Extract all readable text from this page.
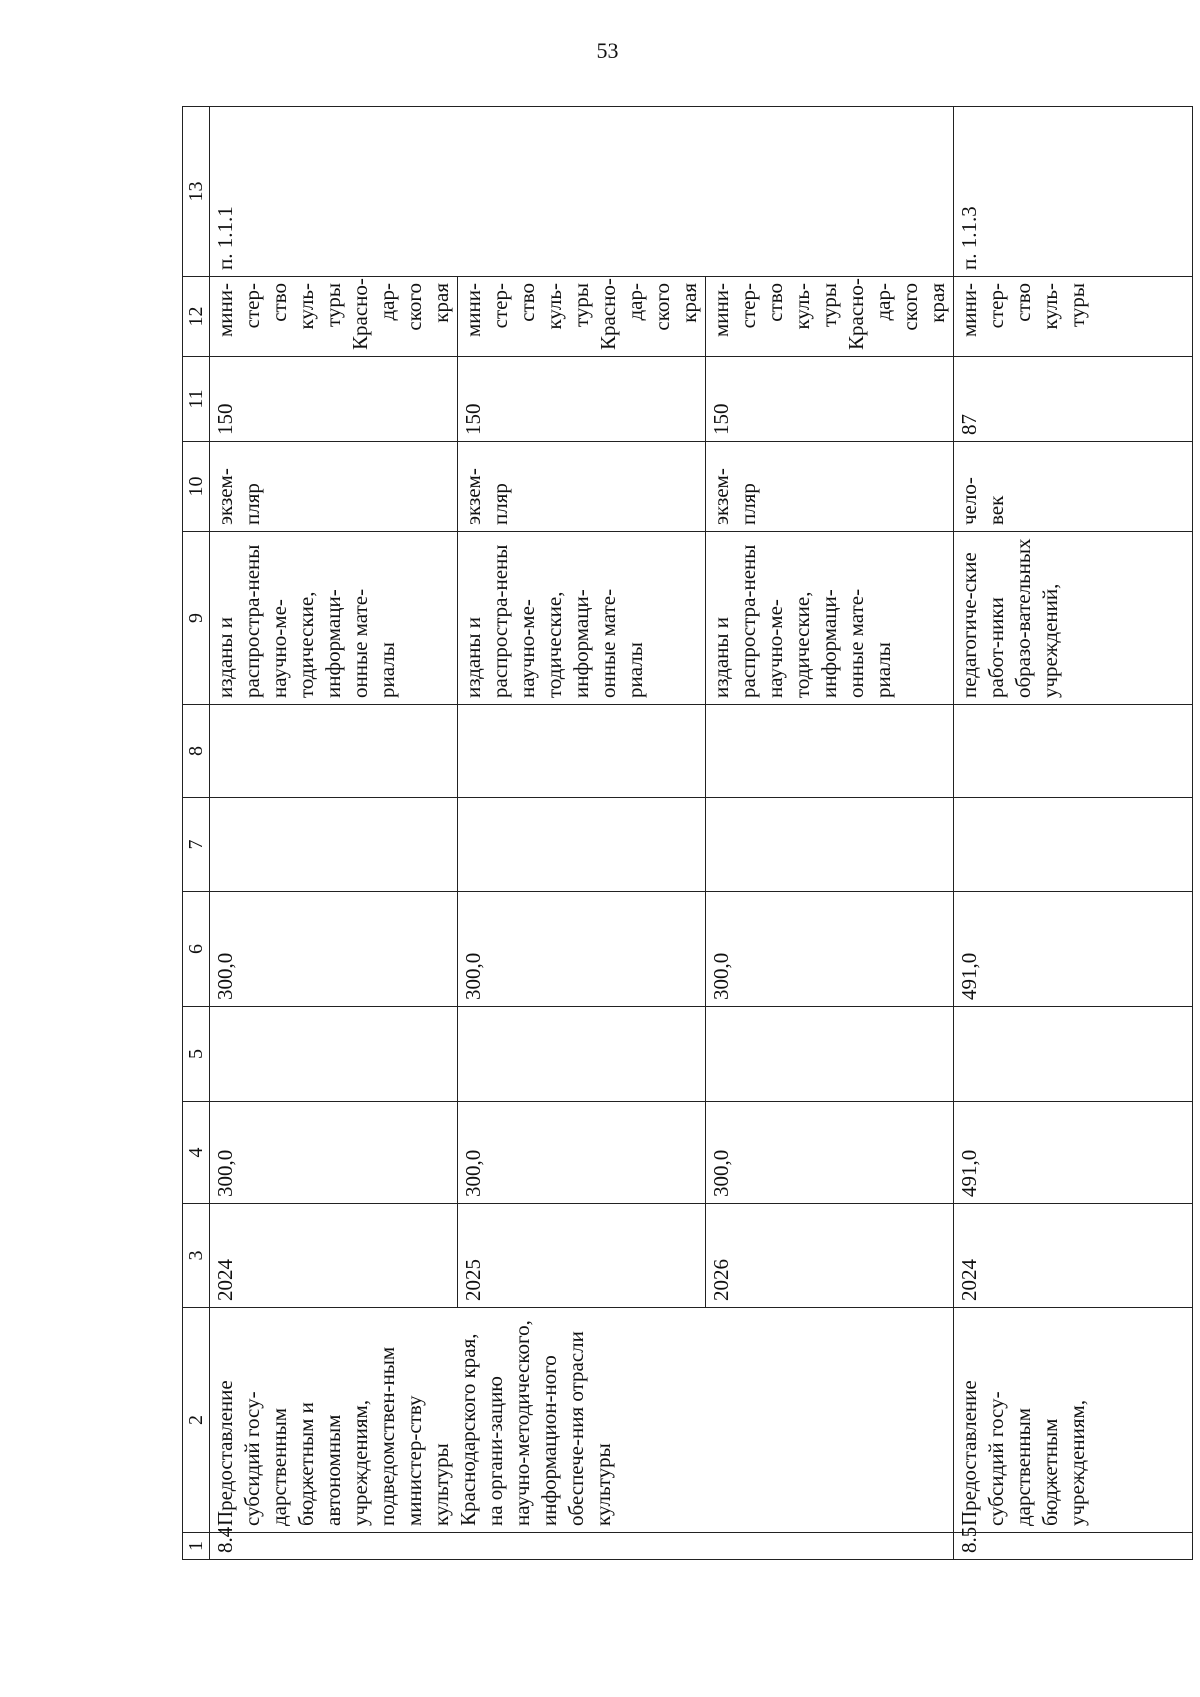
53
1	2	3	4	5	6	7	8	9	10	11	12	13
8.4	Предоставление субсидий госу-дарственным бюджетным и автономным учреждениям, подведомствен-ным министер-ству культуры Краснодарского края, на органи-зацию научно-методического, информацион-ного обеспече-ния отрасли культуры	2024	300,0		300,0			изданы и распростра-нены научно-ме-тодические, информаци-онные мате-риалы	экзем-пляр	150	мини-стер-ство куль-туры Красно-дар-ского края	п. 1.1.1
		2025	300,0		300,0			изданы и распростра-нены научно-ме-тодические, информаци-онные мате-риалы	экзем-пляр	150	мини-стер-ство куль-туры Красно-дар-ского края	
		2026	300,0		300,0			изданы и распростра-нены научно-ме-тодические, информаци-онные мате-риалы	экзем-пляр	150	мини-стер-ство куль-туры Красно-дар-ского края	
8.5	Предоставление субсидий госу-дарственным бюджетным учреждениям,	2024	491,0		491,0			педагогиче-ские работ-ники образо-вательных учреждений,	чело-век	87	мини-стер-ство куль-туры	п. 1.1.3
